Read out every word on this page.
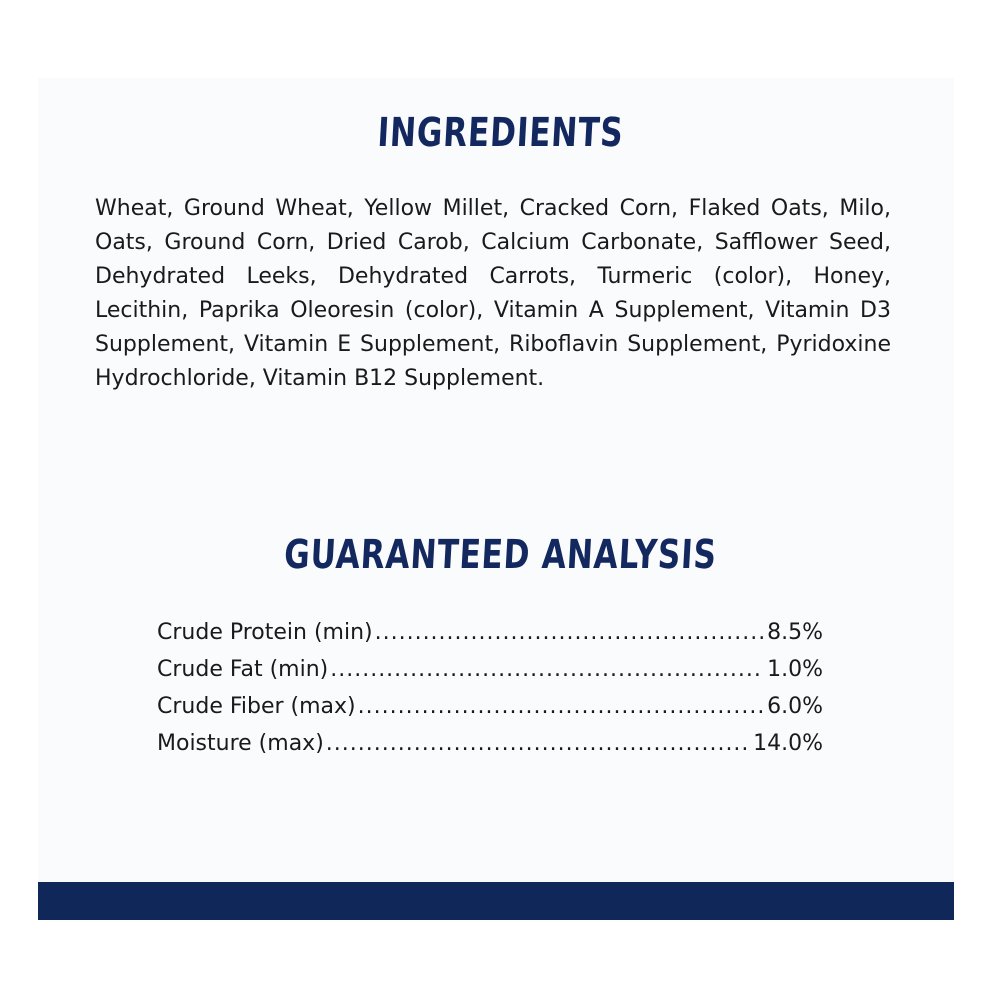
INGREDIENTS
Wheat, Ground Wheat, Yellow Millet, Cracked Corn, Flaked Oats, Milo, Oats, Ground Corn, Dried Carob, Calcium Carbonate, Safflower Seed, Dehydrated Leeks, Dehydrated Carrots, Turmeric (color), Honey, Lecithin, Paprika Oleoresin (color), Vitamin A Supplement, Vitamin D3 Supplement, Vitamin E Supplement, Riboflavin Supplement, Pyridoxine Hydrochloride, Vitamin B12 Supplement.
GUARANTEED ANALYSIS
Crude Protein (min) .....	8.5%
Crude Fat (min) .....	1.0%
Crude Fiber (max) .....	6.0%
Moisture (max) .....	14.0%
